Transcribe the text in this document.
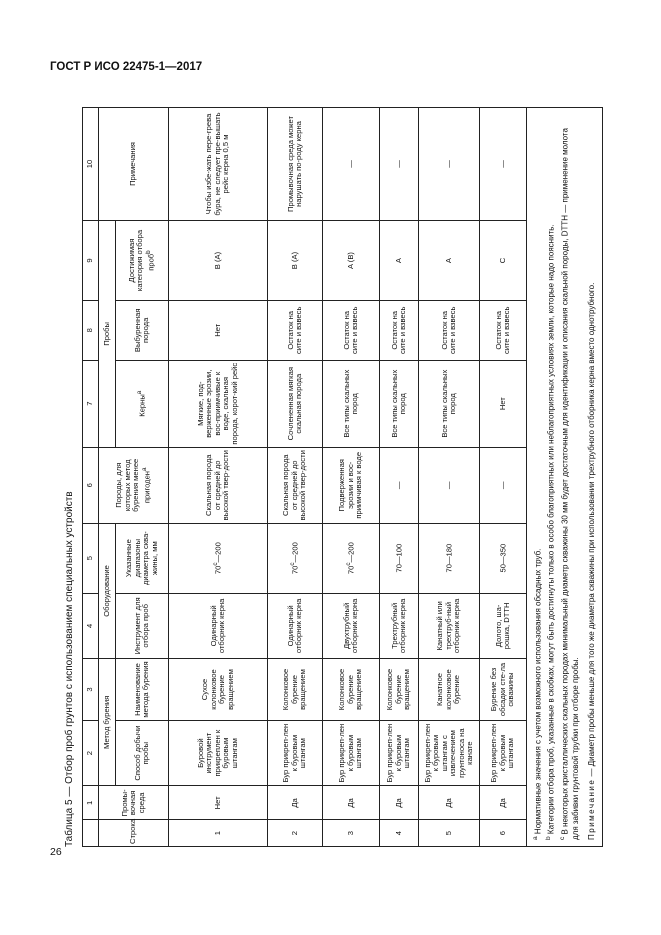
ГОСТ Р ИСО 22475-1—2017
26
Таблица 5 — Отбор проб грунтов с использованием специальных устройств
	1	2	3	4	5	6	7	8	9	10
Строка	Промы-вочная среда	Метод бурения		Оборудование		Породы, для которых метод бурения менее пригоден$^a$	Пробы			Примечания
		Способ добычи пробы	Наименование метода бурения	Инструмент для отбора проб	Указанные диапазоны диаметра сква-жины, мм		Керны$^a$	Выбуренная порода	Достижимая категория отбора проб$^b$
1	Нет	Буровой инструмент прикреплен к буровым штангам	Сухое колонковое бурение вращением	Одинарный отборник керна	70$^c$—200	Скальная порода от средней до высокой твер-дости	Мягкие, под-верженные эрозии, вос-приимчивые к воде, скальная порода, корот-кий рейс	Нет	B (A)	Чтобы избе-жать пере-грева бура, не следует пре-вышать рейс керна 0,5 м
2	Да	Бур прикреп-лен к буровым штангам	Колонковое бурение вращением	Одинарный отборник керна	70$^c$—200	Скальная порода от средней до высокой твер-дости	Сочлененная мягкая скальная порода	Остаток на сите и взвесь	B (A)	Промывочная среда может нарушать по-роду керна
3	Да	Бур прикреп-лен к буровым штангам	Колонковое бурение вращением	Двухтрубный отборник керна	70$^c$—200	Подверженная эрозии и вос-приимчивая к воде	Все типы скальных пород	Остаток на сите и взвесь	A (B)	—
4	Да	Бур прикреп-лен к буровым штангам	Колонковое бурение вращением	Трехтрубный отборник керна	70—100	—	Все типы скальных пород	Остаток на сите и взвесь	A	—
5	Да	Бур прикреп-лен к буровым штангам с извлечением грунтоноса на канате	Канатное колонковое бурение	Канатный или трехтруб-ный отборник керна	70—180	—	Все типы скальных пород	Остаток на сите и взвесь	A	—
6	Да	Бур прикреп-лен к буровым штангам	Бурение без обсадки сте-ла скважины	Долото, ша-рошка, DTTH	50—350	—	Нет	Остаток на сите и взвесь	C	—

$^a$ Нормативные значения с учетом возможного использования обсадных труб.

$^b$ Категории отбора проб, указанные в скобках, могут быть достигнуты только в особо благоприятных или неблагоприятных условиях земли, которые надо пояснить.

$^c$ В некоторых кристаллических скальных породах минимальный диаметр скважины 30 мм будет достаточным для идентификации и описания скальной породы, DTTH — применение молота для забивки грунтовой трубки при отборе пробы. Примечание — Диаметр пробы меньше для того же диаметра скважины при использовании трехтрубного отборника керна вместо однотрубного.										
